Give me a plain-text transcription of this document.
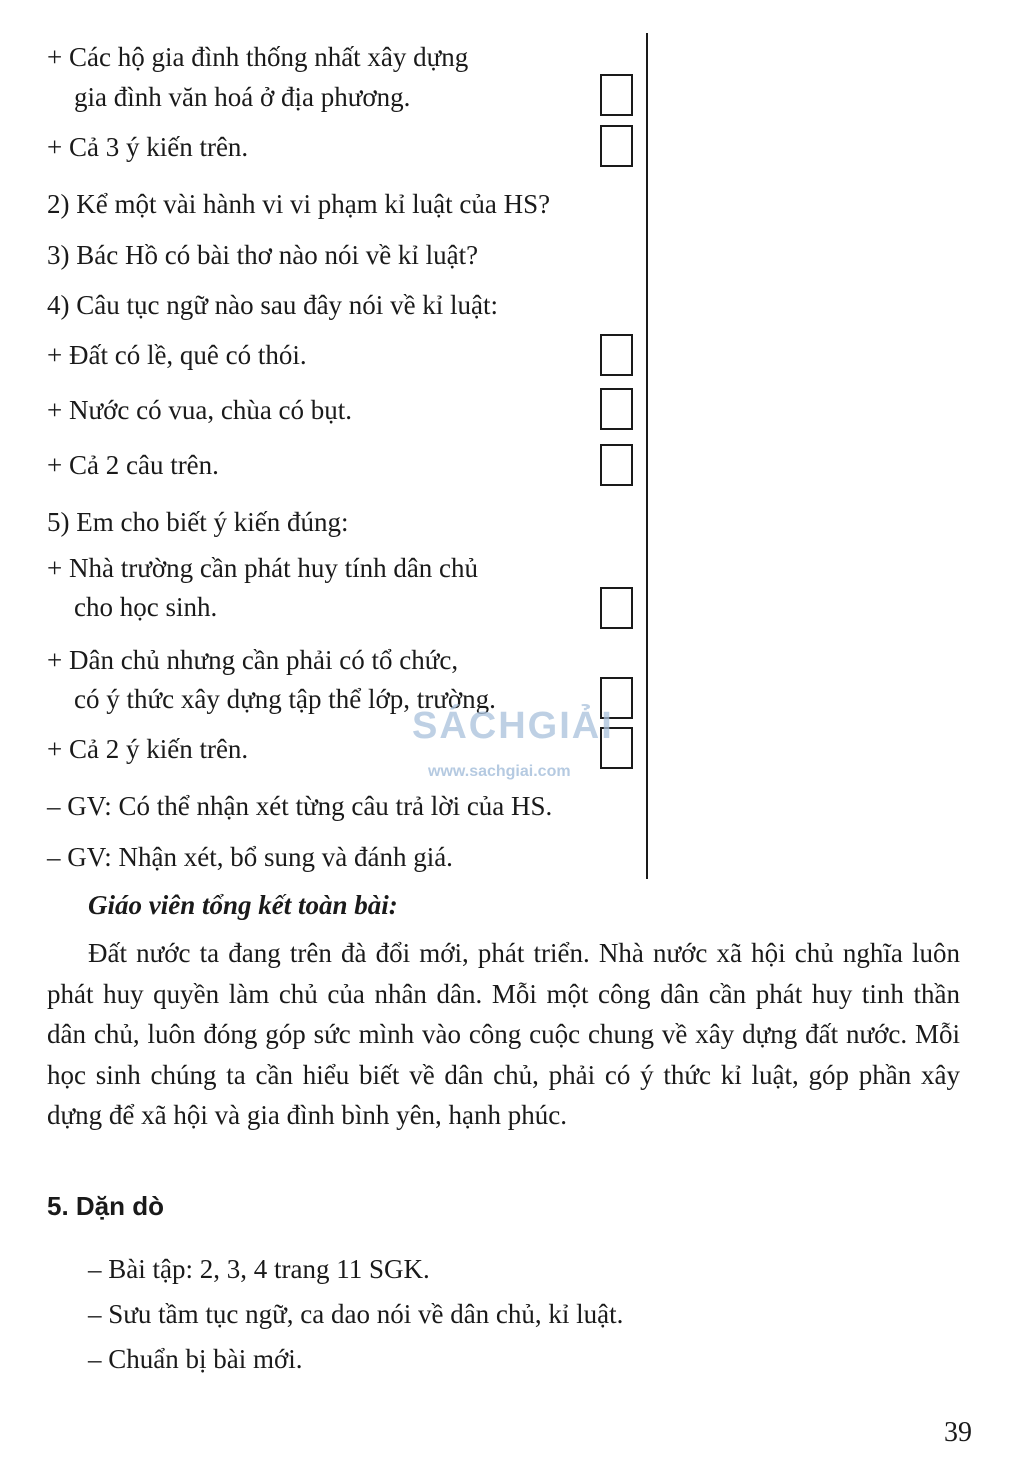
+ Các hộ gia đình thống nhất xây dựng
gia đình văn hoá ở địa phương.
+ Cả 3 ý kiến trên.
2) Kể một vài hành vi vi phạm kỉ luật của HS?
3) Bác Hồ có bài thơ nào nói về kỉ luật?
4) Câu tục ngữ nào sau đây nói về kỉ luật:
+ Đất có lề, quê có thói.
+ Nước có vua, chùa có bụt.
+ Cả 2 câu trên.
5) Em cho biết ý kiến đúng:
+ Nhà trường cần phát huy tính dân chủ
cho học sinh.
+ Dân chủ nhưng cần phải có tổ chức,
có ý thức xây dựng tập thể lớp, trường.
+ Cả 2 ý kiến trên.
– GV: Có thể nhận xét từng câu trả lời của HS.
– GV: Nhận xét, bổ sung và đánh giá.
SÁCHGIẢI
www.sachgiai.com
Giáo viên tổng kết toàn bài:
Đất nước ta đang trên đà đổi mới, phát triển. Nhà nước xã hội chủ nghĩa luôn phát huy quyền làm chủ của nhân dân. Mỗi một công dân cần phát huy tinh thần dân chủ, luôn đóng góp sức mình vào công cuộc chung về xây dựng đất nước. Mỗi học sinh chúng ta cần hiểu biết về dân chủ, phải có ý thức kỉ luật, góp phần xây dựng để xã hội và gia đình bình yên, hạnh phúc.
5. Dặn dò
– Bài tập: 2, 3, 4 trang 11 SGK.
– Sưu tầm tục ngữ, ca dao nói về dân chủ, kỉ luật.
– Chuẩn bị bài mới.
39
